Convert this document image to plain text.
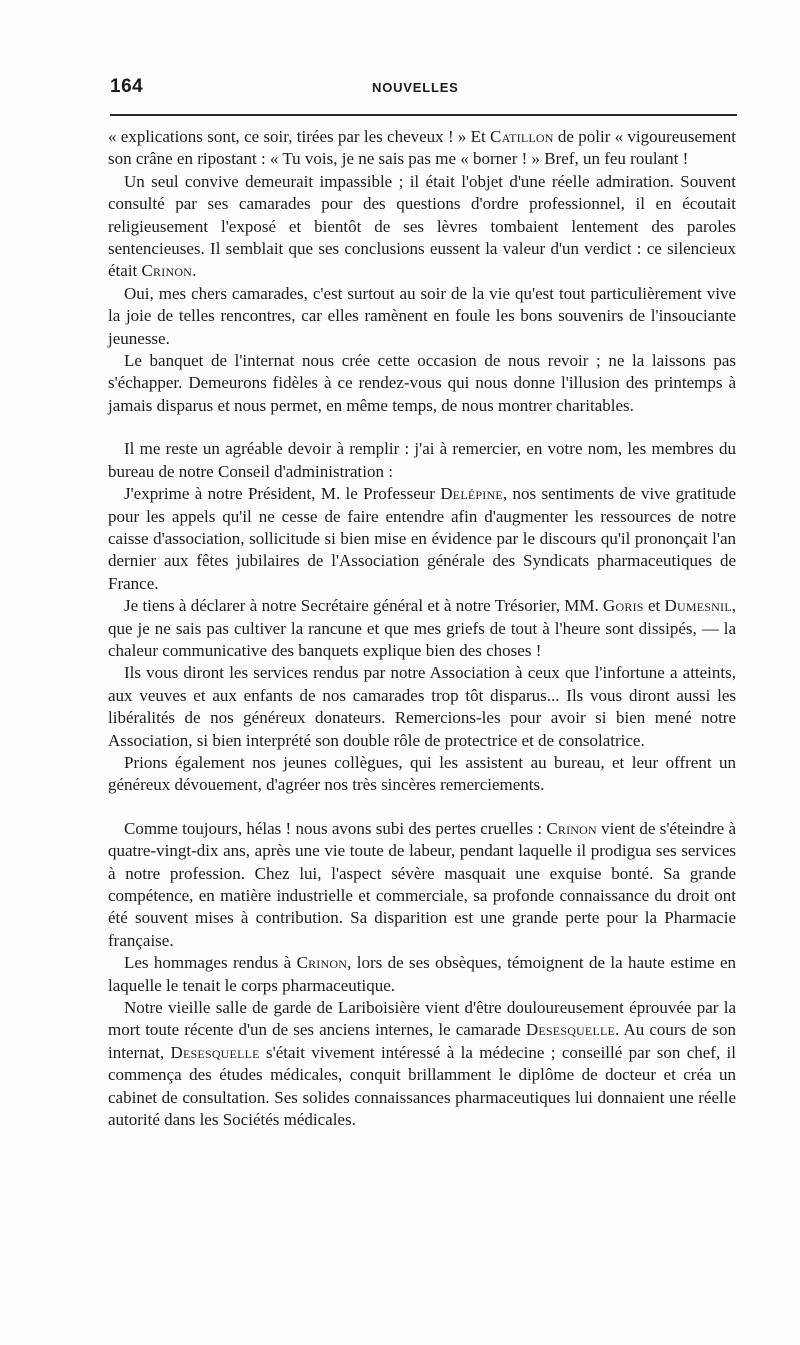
164	NOUVELLES

« explications sont, ce soir, tirées par les cheveux ! » Et Catillon de polir « vigoureusement son crâne en ripostant : « Tu vois, je ne sais pas me « borner ! » Bref, un feu roulant !

Un seul convive demeurait impassible ; il était l'objet d'une réelle admiration. Souvent consulté par ses camarades pour des questions d'ordre professionnel, il en écoutait religieusement l'exposé et bientôt de ses lèvres tombaient lentement des paroles sentencieuses. Il semblait que ses conclusions eussent la valeur d'un verdict : ce silencieux était Crinon.

Oui, mes chers camarades, c'est surtout au soir de la vie qu'est tout particulièrement vive la joie de telles rencontres, car elles ramènent en foule les bons souvenirs de l'insouciante jeunesse.

Le banquet de l'internat nous crée cette occasion de nous revoir ; ne la laissons pas s'échapper. Demeurons fidèles à ce rendez-vous qui nous donne l'illusion des printemps à jamais disparus et nous permet, en même temps, de nous montrer charitables.

Il me reste un agréable devoir à remplir : j'ai à remercier, en votre nom, les membres du bureau de notre Conseil d'administration :

J'exprime à notre Président, M. le Professeur Delépine, nos sentiments de vive gratitude pour les appels qu'il ne cesse de faire entendre afin d'augmenter les ressources de notre caisse d'association, sollicitude si bien mise en évidence par le discours qu'il prononçait l'an dernier aux fêtes jubilaires de l'Association générale des Syndicats pharmaceutiques de France.

Je tiens à déclarer à notre Secrétaire général et à notre Trésorier, MM. Goris et Dumesnil, que je ne sais pas cultiver la rancune et que mes griefs de tout à l'heure sont dissipés, — la chaleur communicative des banquets explique bien des choses !

Ils vous diront les services rendus par notre Association à ceux que l'infortune a atteints, aux veuves et aux enfants de nos camarades trop tôt disparus... Ils vous diront aussi les libéralités de nos généreux donateurs. Remercions-les pour avoir si bien mené notre Association, si bien interprété son double rôle de protectrice et de consolatrice.

Prions également nos jeunes collègues, qui les assistent au bureau, et leur offrent un généreux dévouement, d'agréer nos très sincères remerciements.

Comme toujours, hélas ! nous avons subi des pertes cruelles : Crinon vient de s'éteindre à quatre-vingt-dix ans, après une vie toute de labeur, pendant laquelle il prodigua ses services à notre profession. Chez lui, l'aspect sévère masquait une exquise bonté. Sa grande compétence, en matière industrielle et commerciale, sa profonde connaissance du droit ont été souvent mises à contribution. Sa disparition est une grande perte pour la Pharmacie française.

Les hommages rendus à Crinon, lors de ses obsèques, témoignent de la haute estime en laquelle le tenait le corps pharmaceutique.

Notre vieille salle de garde de Lariboisière vient d'être douloureusement éprouvée par la mort toute récente d'un de ses anciens internes, le camarade Desesquelle. Au cours de son internat, Desesquelle s'était vivement intéressé à la médecine ; conseillé par son chef, il commença des études médicales, conquit brillamment le diplôme de docteur et créa un cabinet de consultation. Ses solides connaissances pharmaceutiques lui donnaient une réelle autorité dans les Sociétés médicales.
